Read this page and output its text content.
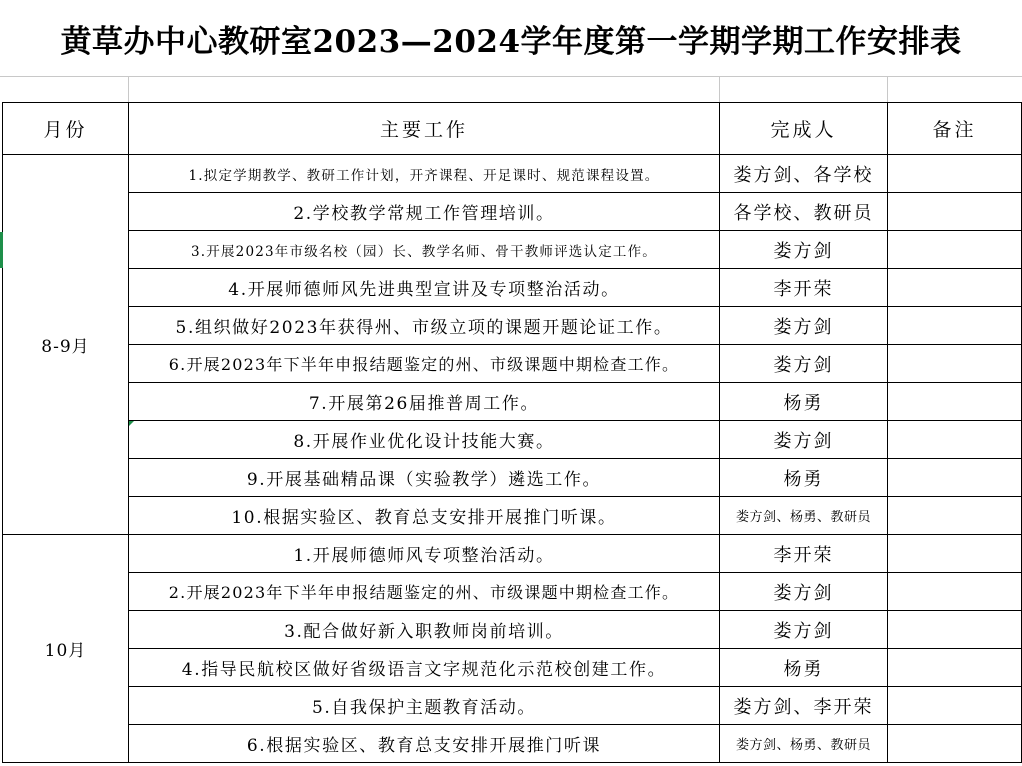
黄草办中心教研室2023—2024学年度第一学期学期工作安排表
月份	主要工作	完成人	备注
8-9月	1.拟定学期教学、教研工作计划，开齐课程、开足课时、规范课程设置。	娄方剑、各学校	
	2.学校教学常规工作管理培训。	各学校、教研员	
	3.开展2023年市级名校（园）长、教学名师、骨干教师评选认定工作。	娄方剑	
	4.开展师德师风先进典型宣讲及专项整治活动。	李开荣	
	5.组织做好2023年获得州、市级立项的课题开题论证工作。	娄方剑	
	6.开展2023年下半年申报结题鉴定的州、市级课题中期检查工作。	娄方剑	
	7.开展第26届推普周工作。	杨勇	
	8.开展作业优化设计技能大赛。	娄方剑	
	9.开展基础精品课（实验教学）遴选工作。	杨勇	
	10.根据实验区、教育总支安排开展推门听课。	娄方剑、杨勇、教研员	
10月	1.开展师德师风专项整治活动。	李开荣	
	2.开展2023年下半年申报结题鉴定的州、市级课题中期检查工作。	娄方剑	
	3.配合做好新入职教师岗前培训。	娄方剑	
	4.指导民航校区做好省级语言文字规范化示范校创建工作。	杨勇	
	5.自我保护主题教育活动。	娄方剑、李开荣	
	6.根据实验区、教育总支安排开展推门听课	娄方剑、杨勇、教研员	
